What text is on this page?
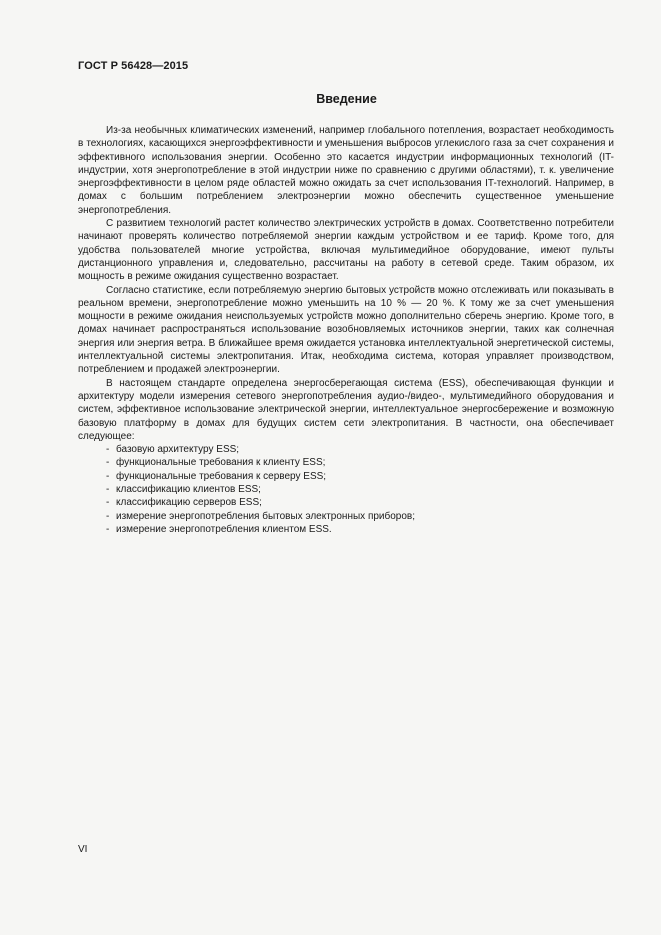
ГОСТ Р 56428—2015
Введение

Из-за необычных климатических изменений, например глобального потепления, возрастает необходимость в технологиях, касающихся энергоэффективности и уменьшения выбросов углекислого газа за счет сохранения и эффективного использования энергии. Особенно это касается индустрии информационных технологий (IT-индустрии, хотя энергопотребление в этой индустрии ниже по сравнению с другими областями), т. к. увеличение энергоэффективности в целом ряде областей можно ожидать за счет использования IT-технологий. Например, в домах с большим потреблением электроэнергии можно обеспечить существенное уменьшение энергопотребления.

С развитием технологий растет количество электрических устройств в домах. Соответственно потребители начинают проверять количество потребляемой энергии каждым устройством и ее тариф. Кроме того, для удобства пользователей многие устройства, включая мультимедийное оборудование, имеют пульты дистанционного управления и, следовательно, рассчитаны на работу в сетевой среде. Таким образом, их мощность в режиме ожидания существенно возрастает.

Согласно статистике, если потребляемую энергию бытовых устройств можно отслеживать или показывать в реальном времени, энергопотребление можно уменьшить на 10 % — 20 %. К тому же за счет уменьшения мощности в режиме ожидания неиспользуемых устройств можно дополнительно сберечь энергию. Кроме того, в домах начинает распространяться использование возобновляемых источников энергии, таких как солнечная энергия или энергия ветра. В ближайшее время ожидается установка интеллектуальной энергетической системы, интеллектуальной системы электропитания. Итак, необходима система, которая управляет производством, потреблением и продажей электроэнергии.

В настоящем стандарте определена энергосберегающая система (ESS), обеспечивающая функции и архитектуру модели измерения сетевого энергопотребления аудио-/видео-, мультимедийного оборудования и систем, эффективное использование электрической энергии, интеллектуальное энергосбережение и возможную базовую платформу в домах для будущих систем сети электропитания. В частности, она обеспечивает следующее:

- базовую архитектуру ESS;
- функциональные требования к клиенту ESS;
- функциональные требования к серверу ESS;
- классификацию клиентов ESS;
- классификацию серверов ESS;
- измерение энергопотребления бытовых электронных приборов;
- измерение энергопотребления клиентом ESS.
VI
